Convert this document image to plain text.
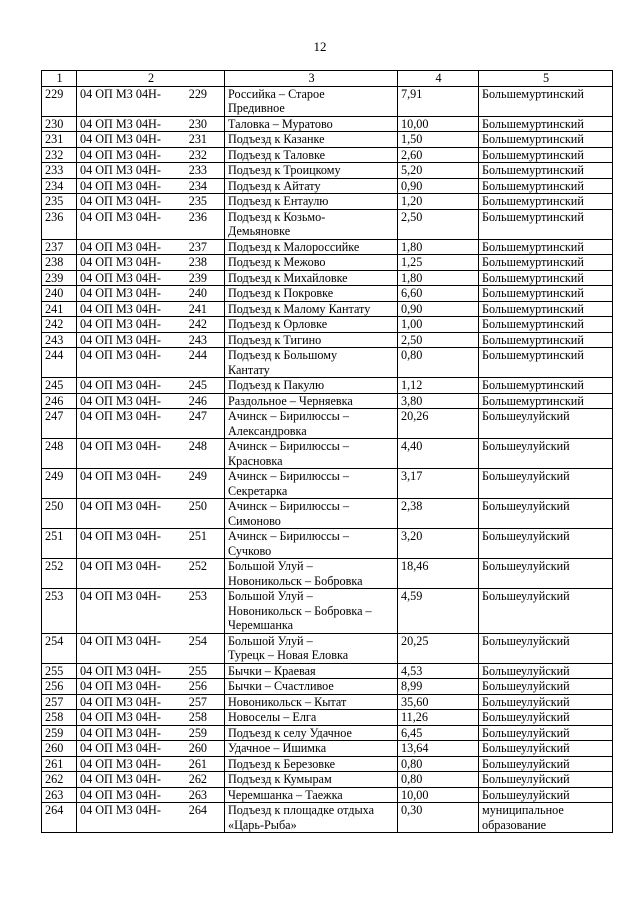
12
1	2	3	4	5
229	04 ОП МЗ 04Н- 229	Российка – Старое
Предивное	7,91	Большемуртинский

230	04 ОП МЗ 04Н- 230	Таловка – Муратово	10,00	Большемуртинский

231	04 ОП МЗ 04Н- 231	Подъезд к Казанке	1,50	Большемуртинский

232	04 ОП МЗ 04Н- 232	Подъезд к Таловке	2,60	Большемуртинский

233	04 ОП МЗ 04Н- 233	Подъезд к Троицкому	5,20	Большемуртинский

234	04 ОП МЗ 04Н- 234	Подъезд к Айтату	0,90	Большемуртинский

235	04 ОП МЗ 04Н- 235	Подъезд к Ентаулю	1,20	Большемуртинский

236	04 ОП МЗ 04Н- 236	Подъезд к Козьмо-
Демьяновке	2,50	Большемуртинский

237	04 ОП МЗ 04Н- 237	Подъезд к Малороссийке	1,80	Большемуртинский

238	04 ОП МЗ 04Н- 238	Подъезд к Межово	1,25	Большемуртинский

239	04 ОП МЗ 04Н- 239	Подъезд к Михайловке	1,80	Большемуртинский

240	04 ОП МЗ 04Н- 240	Подъезд к Покровке	6,60	Большемуртинский

241	04 ОП МЗ 04Н- 241	Подъезд к Малому Кантату	0,90	Большемуртинский

242	04 ОП МЗ 04Н- 242	Подъезд к Орловке	1,00	Большемуртинский

243	04 ОП МЗ 04Н- 243	Подъезд к Тигино	2,50	Большемуртинский

244	04 ОП МЗ 04Н- 244	Подъезд к Большому
Кантату	0,80	Большемуртинский

245	04 ОП МЗ 04Н- 245	Подъезд к Пакулю	1,12	Большемуртинский

246	04 ОП МЗ 04Н- 246	Раздольное – Черняевка	3,80	Большемуртинский

247	04 ОП МЗ 04Н- 247	Ачинск – Бирилюссы –
Александровка	20,26	Большеулуйский

248	04 ОП МЗ 04Н- 248	Ачинск – Бирилюссы –
Красновка	4,40	Большеулуйский

249	04 ОП МЗ 04Н- 249	Ачинск – Бирилюссы –
Секретарка	3,17	Большеулуйский

250	04 ОП МЗ 04Н- 250	Ачинск – Бирилюссы –
Симоново	2,38	Большеулуйский

251	04 ОП МЗ 04Н- 251	Ачинск – Бирилюссы –
Сучково	3,20	Большеулуйский

252	04 ОП МЗ 04Н- 252	Большой Улуй –
Новоникольск – Бобровка	18,46	Большеулуйский

253	04 ОП МЗ 04Н- 253	Большой Улуй –
Новоникольск – Бобровка –
Черемшанка	4,59	Большеулуйский

254	04 ОП МЗ 04Н- 254	Большой Улуй –
Турецк – Новая Еловка	20,25	Большеулуйский

255	04 ОП МЗ 04Н- 255	Бычки – Краевая	4,53	Большеулуйский

256	04 ОП МЗ 04Н- 256	Бычки – Счастливое	8,99	Большеулуйский

257	04 ОП МЗ 04Н- 257	Новоникольск – Кытат	35,60	Большеулуйский

258	04 ОП МЗ 04Н- 258	Новоселы – Елга	11,26	Большеулуйский

259	04 ОП МЗ 04Н- 259	Подъезд к селу Удачное	6,45	Большеулуйский

260	04 ОП МЗ 04Н- 260	Удачное – Ишимка	13,64	Большеулуйский

261	04 ОП МЗ 04Н- 261	Подъезд к Березовке	0,80	Большеулуйский

262	04 ОП МЗ 04Н- 262	Подъезд к Кумырам	0,80	Большеулуйский

263	04 ОП МЗ 04Н- 263	Черемшанка – Таежка	10,00	Большеулуйский

264	04 ОП МЗ 04Н- 264	Подъезд к площадке отдыха
«Царь-Рыба»	0,30	муниципальное
образование
